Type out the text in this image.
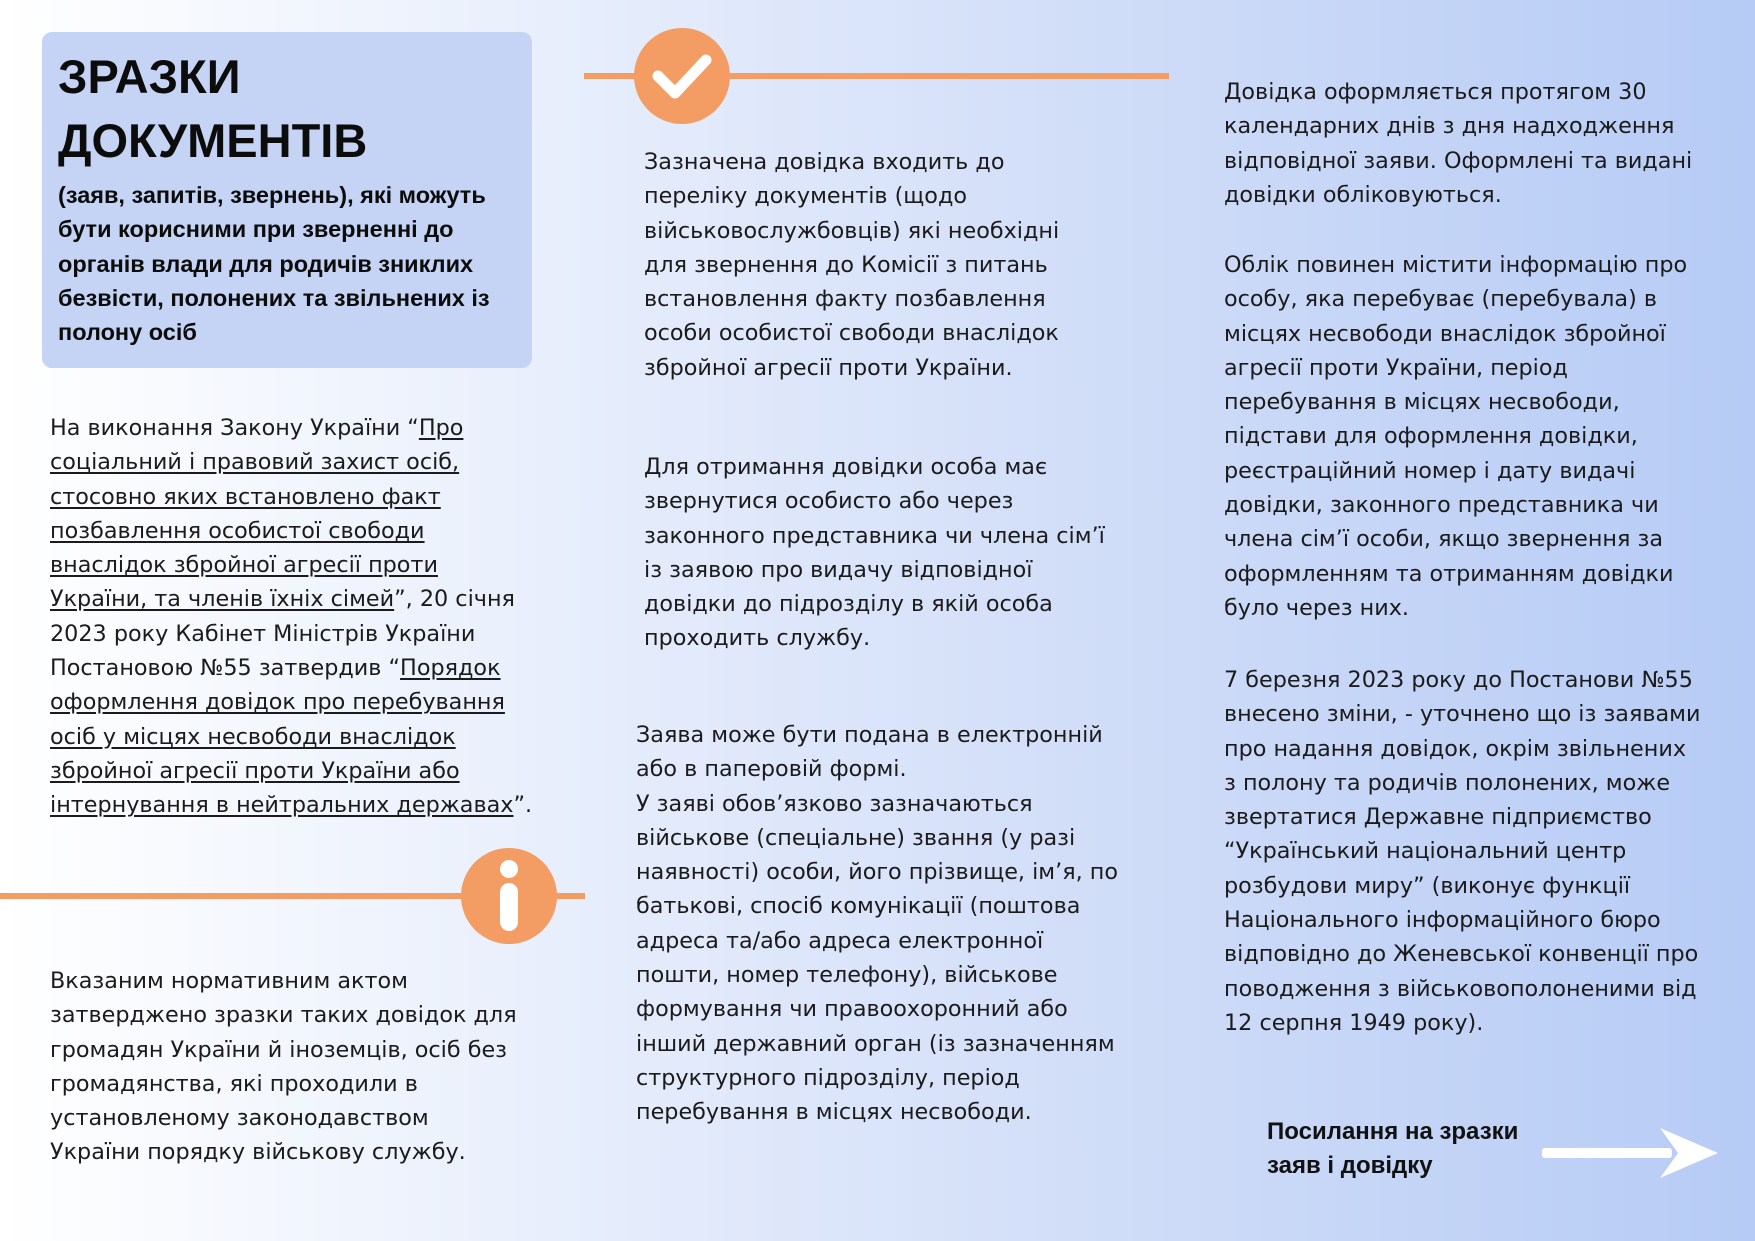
ЗРАЗКИ ДОКУМЕНТІВ
(заяв, запитів, звернень), які можуть бути корисними при зверненні до органів влади для родичів зниклих безвісти, полонених та звільнених із полону осіб

На виконання Закону України “Про соціальний і правовий захист осіб, стосовно яких встановлено факт позбавлення особистої свободи внаслідок збройної агресії проти України, та членів їхніх сімей”, 20 січня 2023 року Кабінет Міністрів України Постановою №55 затвердив “Порядок оформлення довідок про перебування осіб у місцях несвободи внаслідок збройної агресії проти України або інтернування в нейтральних державах”.

Вказаним нормативним актом затверджено зразки таких довідок для громадян України й іноземців, осіб без громадянства, які проходили в установленому законодавством України порядку військову службу.

Зазначена довідка входить до переліку документів (щодо військовослужбовців) які необхідні для звернення до Комісії з питань встановлення факту позбавлення особи особистої свободи внаслідок збройної агресії проти України.

Для отримання довідки особа має звернутися особисто або через законного представника чи члена сім’ї із заявою про видачу відповідної довідки до підрозділу в якій особа проходить службу.

Заява може бути подана в електронній або в паперовій формі.

У заяві обов’язково зазначаються військове (спеціальне) звання (у разі наявності) особи, його прізвище, ім’я, по батькові, спосіб комунікації (поштова адреса та/або адреса електронної пошти, номер телефону), військове формування чи правоохоронний або інший державний орган (із зазначенням структурного підрозділу, період перебування в місцях несвободи.

Довідка оформляється протягом 30 календарних днів з дня надходження відповідної заяви. Оформлені та видані довідки обліковуються.

Облік повинен містити інформацію про особу, яка перебуває (перебувала) в місцях несвободи внаслідок збройної агресії проти України, період перебування в місцях несвободи, підстави для оформлення довідки, реєстраційний номер і дату видачі довідки, законного представника чи члена сім’ї особи, якщо звернення за оформленням та отриманням довідки було через них.

7 березня 2023 року до Постанови №55 внесено зміни, - уточнено що із заявами про надання довідок, окрім звільнених з полону та родичів полонених, може звертатися Державне підприємство “Український національний центр розбудови миру” (виконує функції Національного інформаційного бюро відповідно до Женевської конвенції про поводження з військовополоненими від 12 серпня 1949 року).

Посилання на зразки заяв і довідку
